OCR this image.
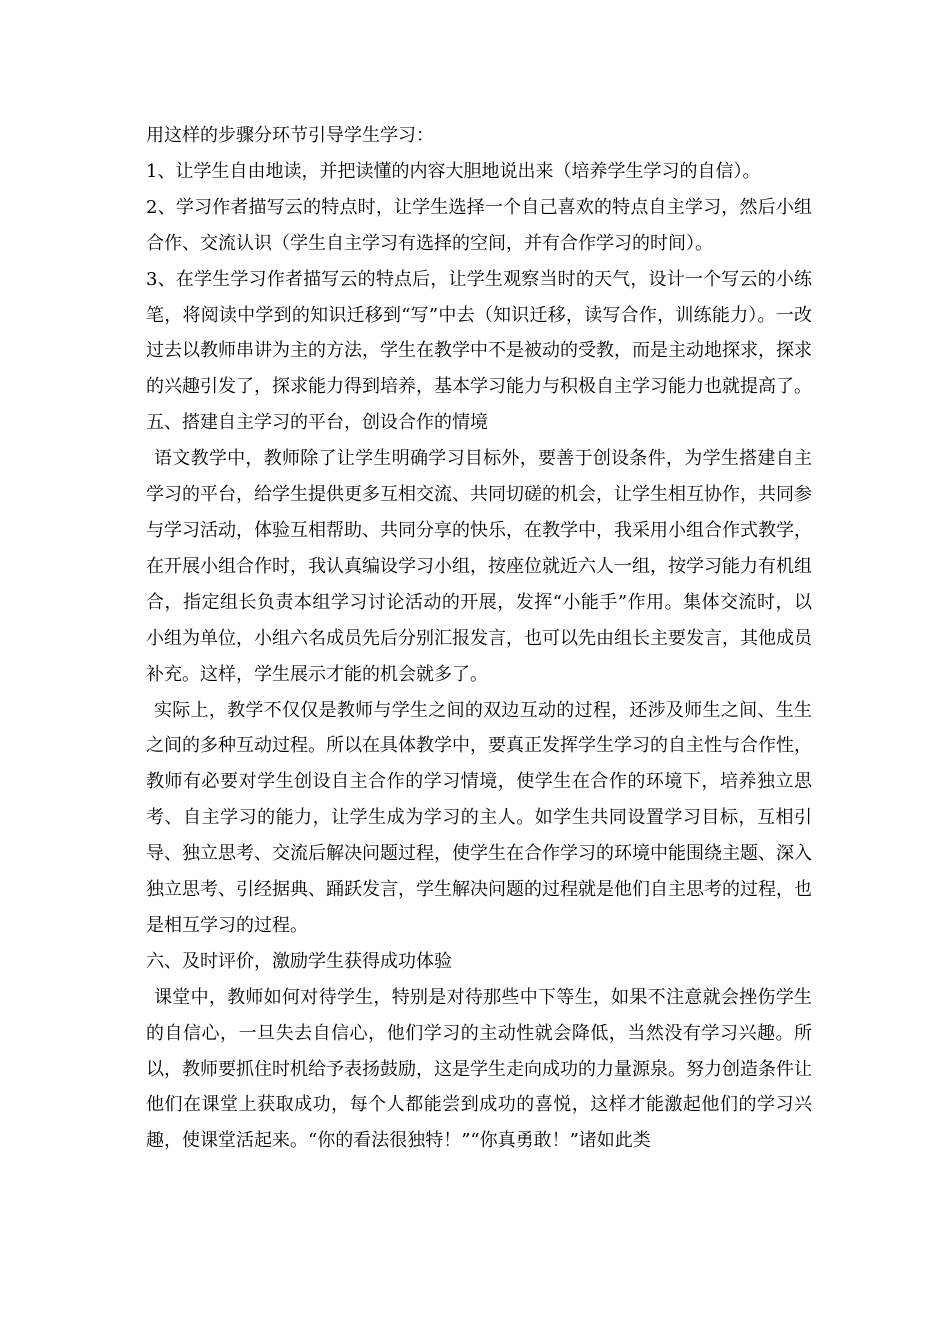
用这样的步骤分环节引导学生学习：

1、让学生自由地读，并把读懂的内容大胆地说出来（培养学生学习的自信）。

2、学习作者描写云的特点时，让学生选择一个自己喜欢的特点自主学习，然后小组合作、交流认识（学生自主学习有选择的空间，并有合作学习的时间）。

3、在学生学习作者描写云的特点后，让学生观察当时的天气，设计一个写云的小练笔，将阅读中学到的知识迁移到“写”中去（知识迁移，读写合作，训练能力）。一改过去以教师串讲为主的方法，学生在教学中不是被动的受教，而是主动地探求，探求的兴趣引发了，探求能力得到培养，基本学习能力与积极自主学习能力也就提高了。

五、搭建自主学习的平台，创设合作的情境

语文教学中，教师除了让学生明确学习目标外，要善于创设条件，为学生搭建自主学习的平台，给学生提供更多互相交流、共同切磋的机会，让学生相互协作，共同参与学习活动，体验互相帮助、共同分享的快乐，在教学中，我采用小组合作式教学，在开展小组合作时，我认真编设学习小组，按座位就近六人一组，按学习能力有机组合，指定组长负责本组学习讨论活动的开展，发挥“小能手”作用。集体交流时，以小组为单位，小组六名成员先后分别汇报发言，也可以先由组长主要发言，其他成员补充。这样，学生展示才能的机会就多了。

实际上，教学不仅仅是教师与学生之间的双边互动的过程，还涉及师生之间、生生之间的多种互动过程。所以在具体教学中，要真正发挥学生学习的自主性与合作性，教师有必要对学生创设自主合作的学习情境，使学生在合作的环境下，培养独立思考、自主学习的能力，让学生成为学习的主人。如学生共同设置学习目标，互相引导、独立思考、交流后解决问题过程，使学生在合作学习的环境中能围绕主题、深入独立思考、引经据典、踊跃发言，学生解决问题的过程就是他们自主思考的过程，也是相互学习的过程。

六、及时评价，激励学生获得成功体验

课堂中，教师如何对待学生，特别是对待那些中下等生，如果不注意就会挫伤学生的自信心，一旦失去自信心，他们学习的主动性就会降低，当然没有学习兴趣。所以，教师要抓住时机给予表扬鼓励，这是学生走向成功的力量源泉。努力创造条件让他们在课堂上获取成功，每个人都能尝到成功的喜悦，这样才能激起他们的学习兴趣，使课堂活起来。“你的看法很独特！”“你真勇敢！”诸如此类
